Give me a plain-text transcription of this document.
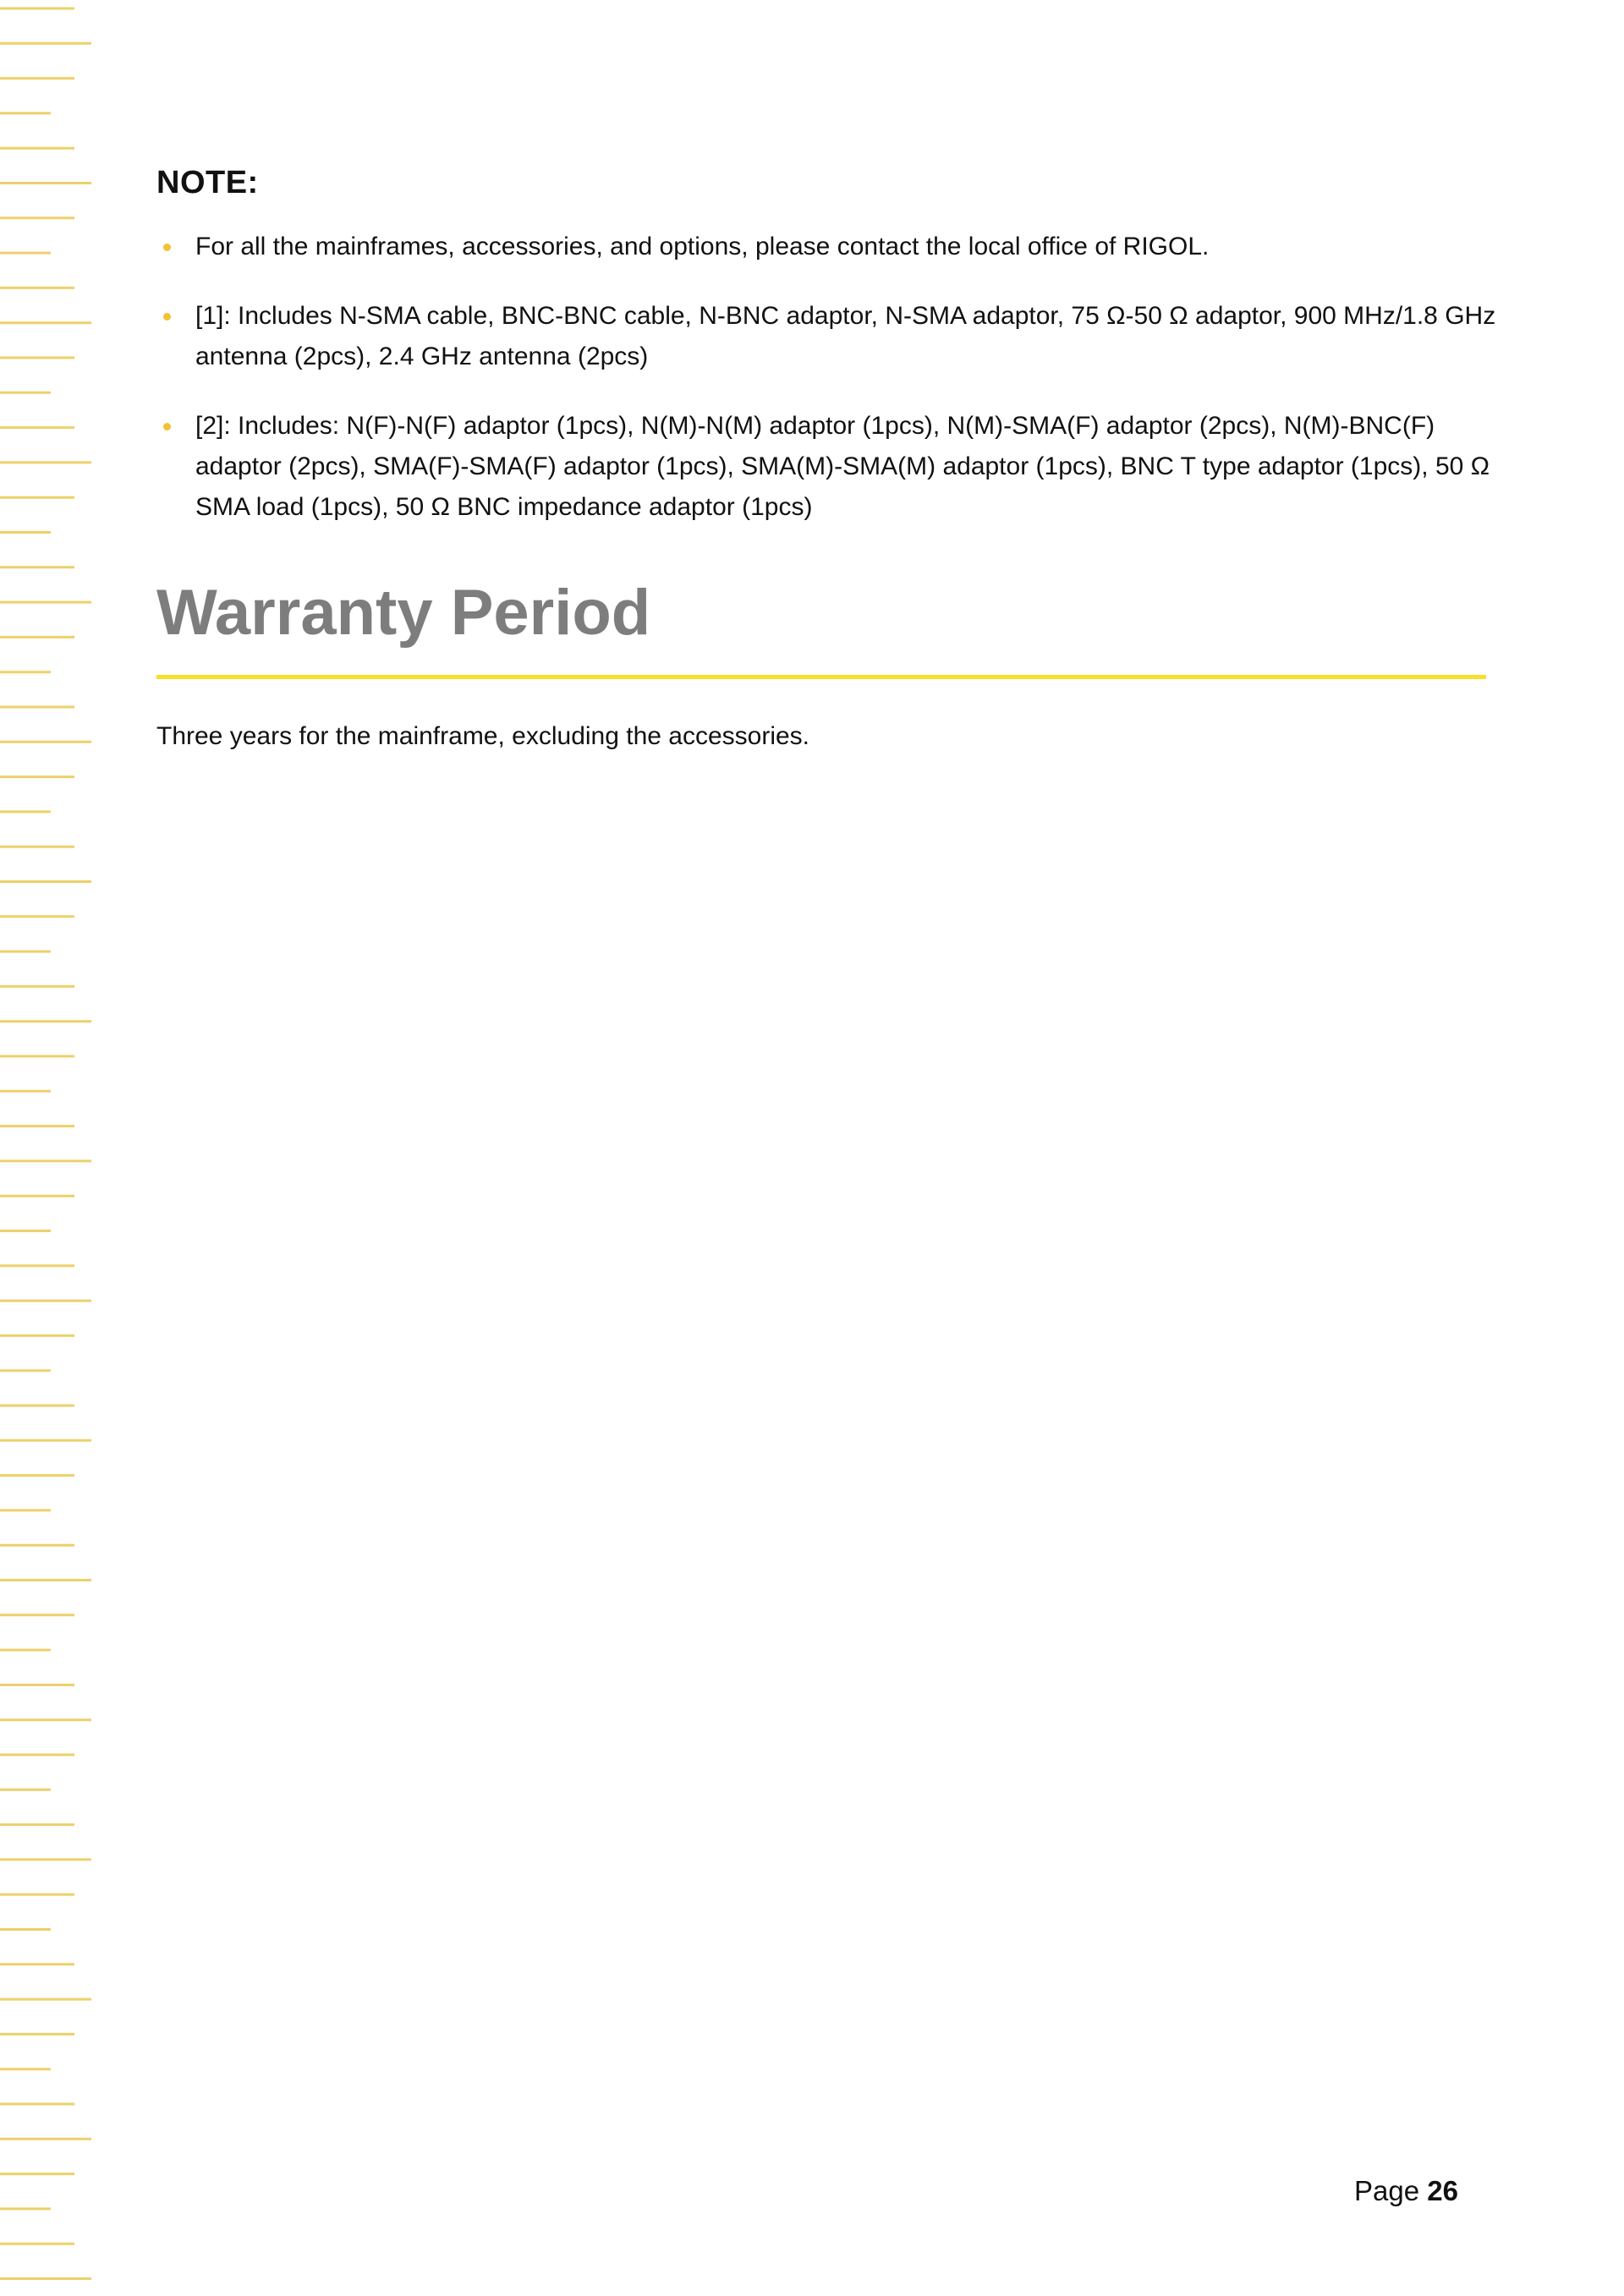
NOTE:
For all the mainframes, accessories, and options, please contact the local office of RIGOL.
[1]: Includes N-SMA cable, BNC-BNC cable, N-BNC adaptor, N-SMA adaptor, 75 Ω-50 Ω adaptor, 900 MHz/1.8 GHz antenna (2pcs), 2.4 GHz antenna (2pcs)
[2]: Includes: N(F)-N(F) adaptor (1pcs), N(M)-N(M) adaptor (1pcs), N(M)-SMA(F) adaptor (2pcs), N(M)-BNC(F) adaptor (2pcs), SMA(F)-SMA(F) adaptor (1pcs), SMA(M)-SMA(M) adaptor (1pcs), BNC T type adaptor (1pcs), 50 Ω SMA load (1pcs), 50 Ω BNC impedance adaptor (1pcs)
Warranty Period

Three years for the mainframe, excluding the accessories.

Page 26
